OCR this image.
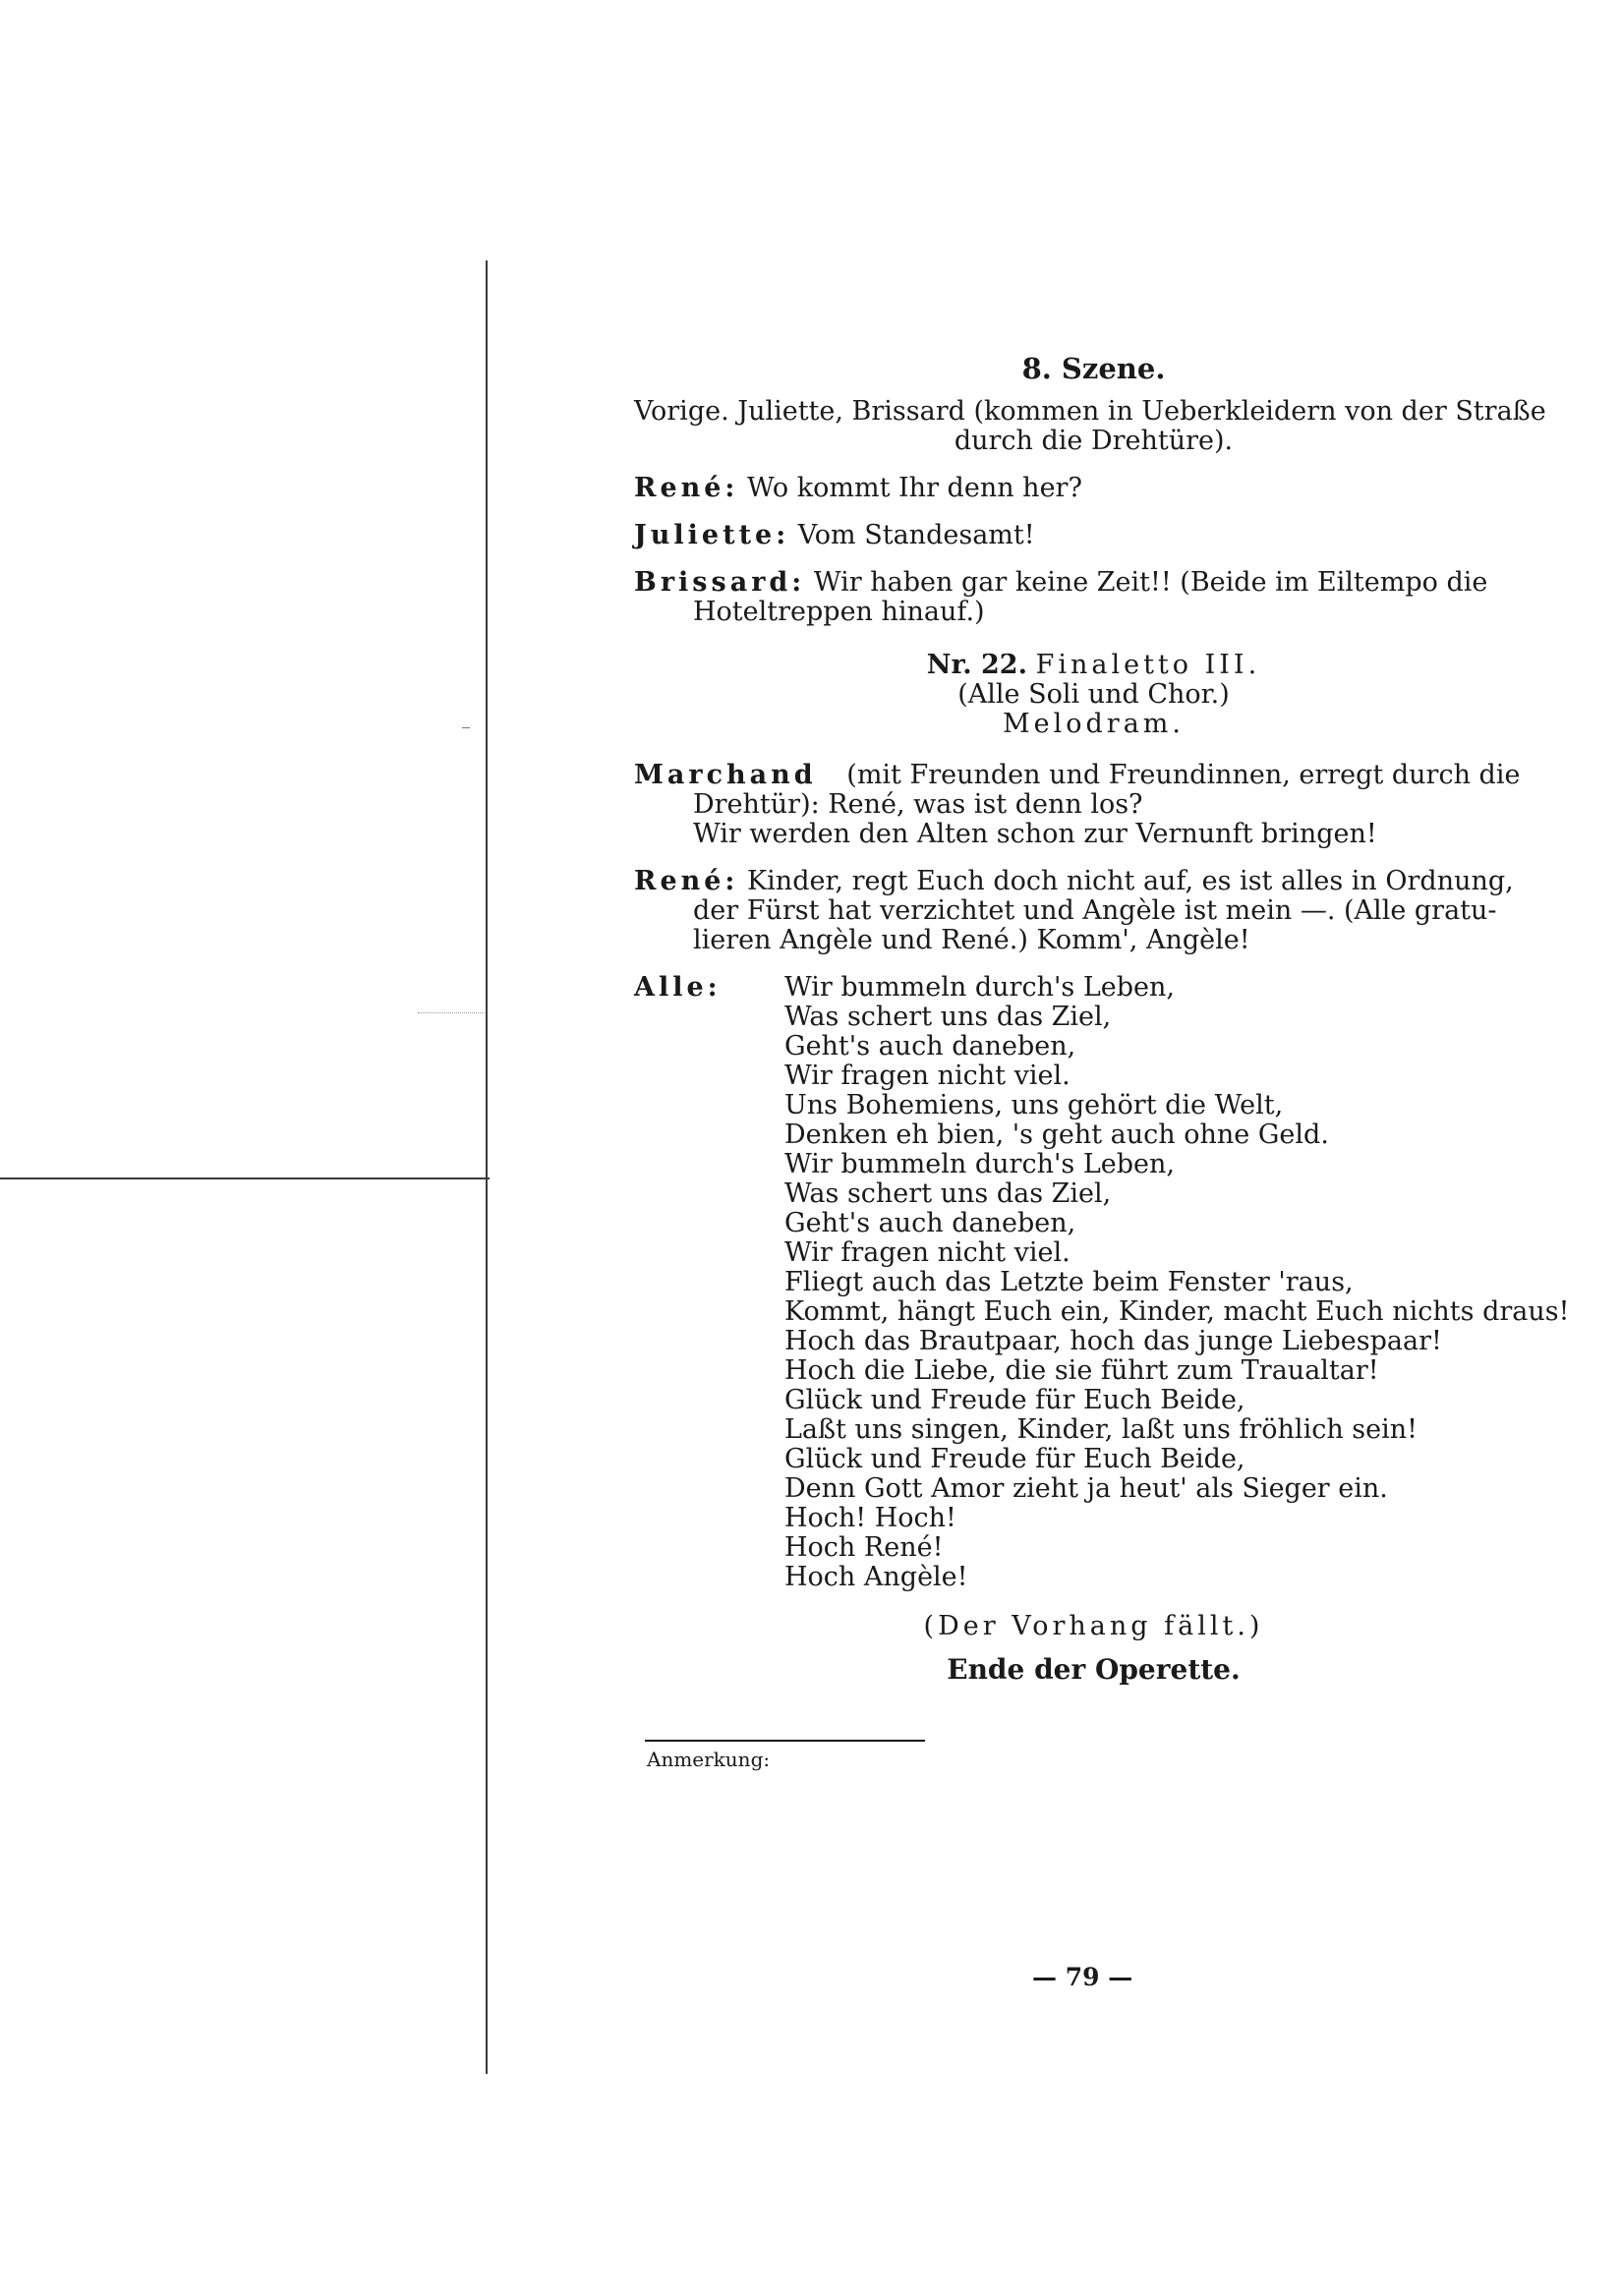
8. Szene.
Vorige. Juliette, Brissard (kommen in Ueberkleidern von der Straße
durch die Drehtüre).
René: Wo kommt Ihr denn her?
Juliette: Vom Standesamt!
Brissard: Wir haben gar keine Zeit!! (Beide im Eiltempo die
Hoteltreppen hinauf.)
Nr. 22. Finaletto III.
(Alle Soli und Chor.)
Melodram.
Marchand (mit Freunden und Freundinnen, erregt durch die
Drehtür): René, was ist denn los?
Wir werden den Alten schon zur Vernunft bringen!
René: Kinder, regt Euch doch nicht auf, es ist alles in Ordnung,
der Fürst hat verzichtet und Angèle ist mein —. (Alle gratu-
lieren Angèle und René.) Komm', Angèle!
Alle:	Wir bummeln durch's Leben,
Was schert uns das Ziel,
Geht's auch daneben,
Wir fragen nicht viel.
Uns Bohemiens, uns gehört die Welt,
Denken eh bien, 's geht auch ohne Geld.
Wir bummeln durch's Leben,
Was schert uns das Ziel,
Geht's auch daneben,
Wir fragen nicht viel.
Fliegt auch das Letzte beim Fenster 'raus,
Kommt, hängt Euch ein, Kinder, macht Euch nichts draus!
Hoch das Brautpaar, hoch das junge Liebespaar!
Hoch die Liebe, die sie führt zum Traualtar!
Glück und Freude für Euch Beide,
Laßt uns singen, Kinder, laßt uns fröhlich sein!
Glück und Freude für Euch Beide,
Denn Gott Amor zieht ja heut' als Sieger ein.
Hoch! Hoch!
Hoch René!
Hoch Angèle!
(Der Vorhang fällt.)
Ende der Operette.
Anmerkung:
— 79 —
